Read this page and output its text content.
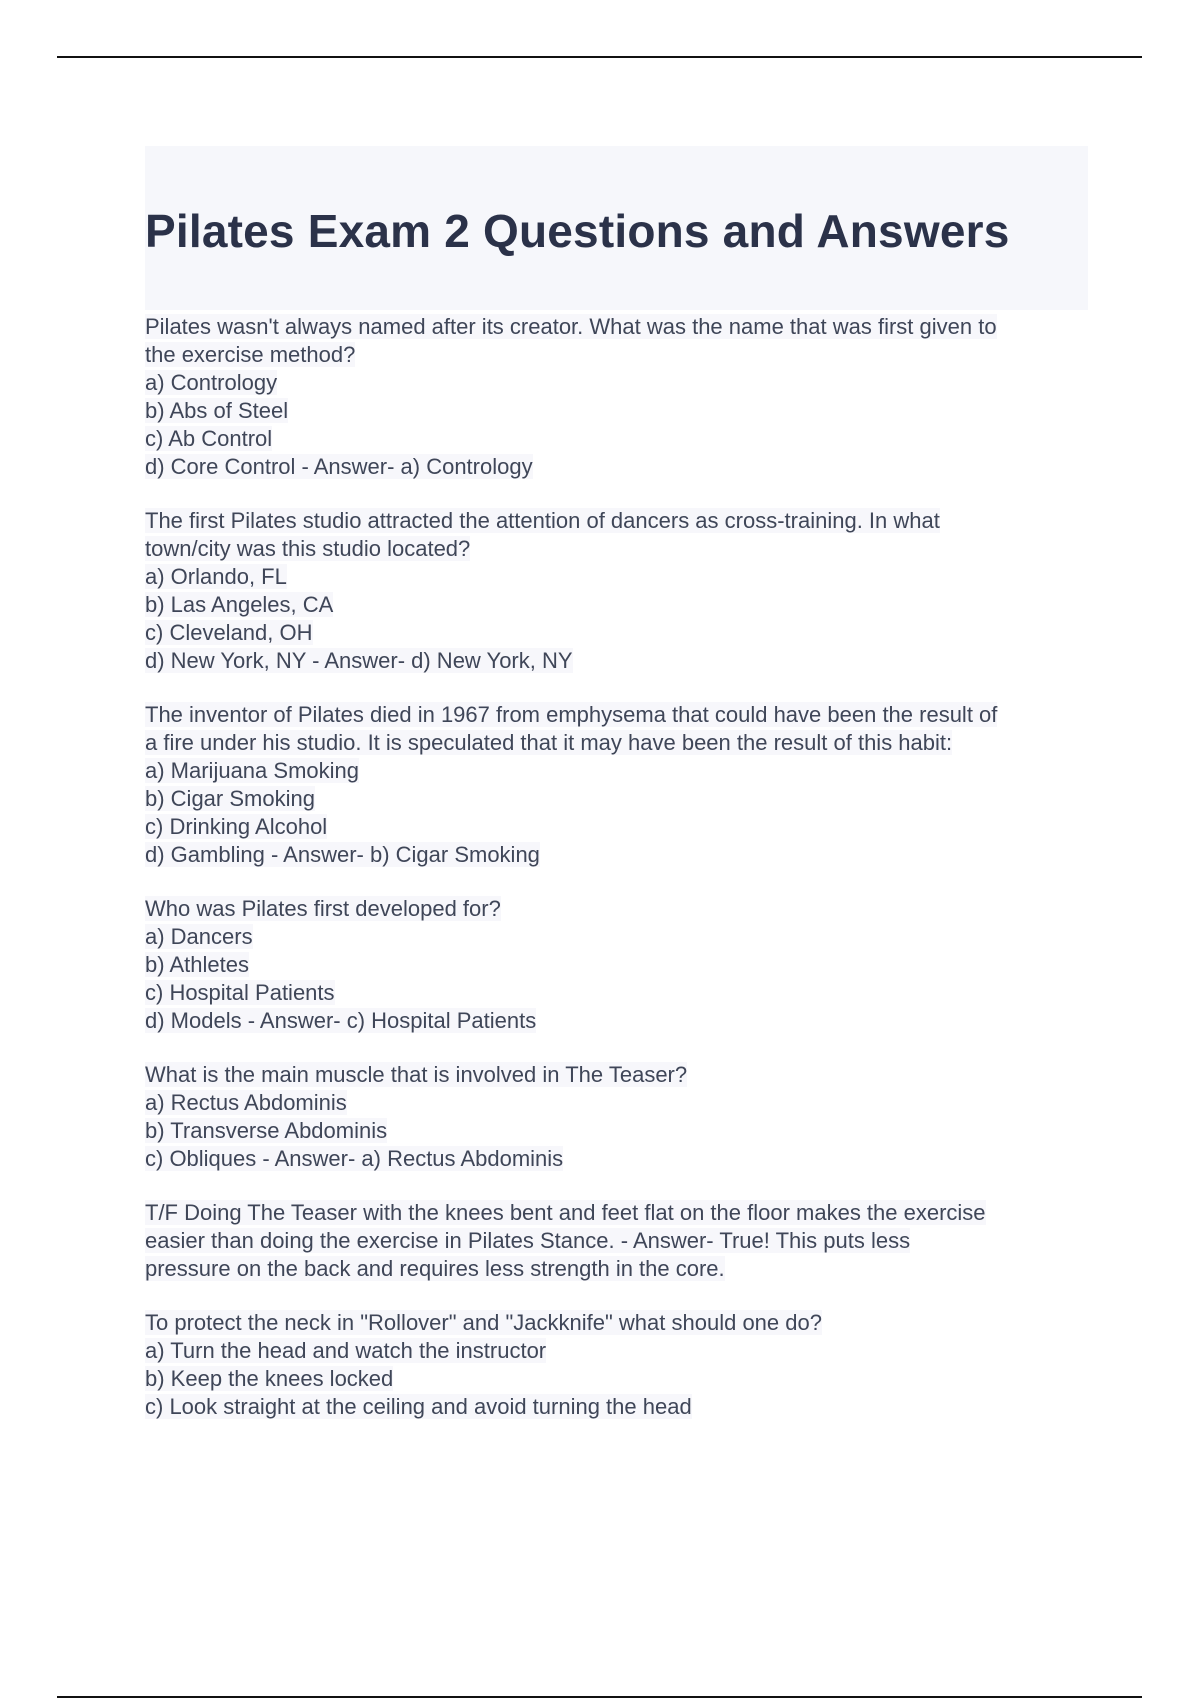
Pilates Exam 2 Questions and Answers
Pilates wasn't always named after its creator. What was the name that was first given to
the exercise method?
a) Contrology
b) Abs of Steel
c) Ab Control
d) Core Control - Answer- a) Contrology
The first Pilates studio attracted the attention of dancers as cross-training. In what
town/city was this studio located?
a) Orlando, FL
b) Las Angeles, CA
c) Cleveland, OH
d) New York, NY - Answer- d) New York, NY
The inventor of Pilates died in 1967 from emphysema that could have been the result of
a fire under his studio. It is speculated that it may have been the result of this habit:
a) Marijuana Smoking
b) Cigar Smoking
c) Drinking Alcohol
d) Gambling - Answer- b) Cigar Smoking
Who was Pilates first developed for?
a) Dancers
b) Athletes
c) Hospital Patients
d) Models - Answer- c) Hospital Patients
What is the main muscle that is involved in The Teaser?
a) Rectus Abdominis
b) Transverse Abdominis
c) Obliques - Answer- a) Rectus Abdominis
T/F Doing The Teaser with the knees bent and feet flat on the floor makes the exercise
easier than doing the exercise in Pilates Stance. - Answer- True! This puts less
pressure on the back and requires less strength in the core.
To protect the neck in "Rollover" and "Jackknife" what should one do?
a) Turn the head and watch the instructor
b) Keep the knees locked
c) Look straight at the ceiling and avoid turning the head
